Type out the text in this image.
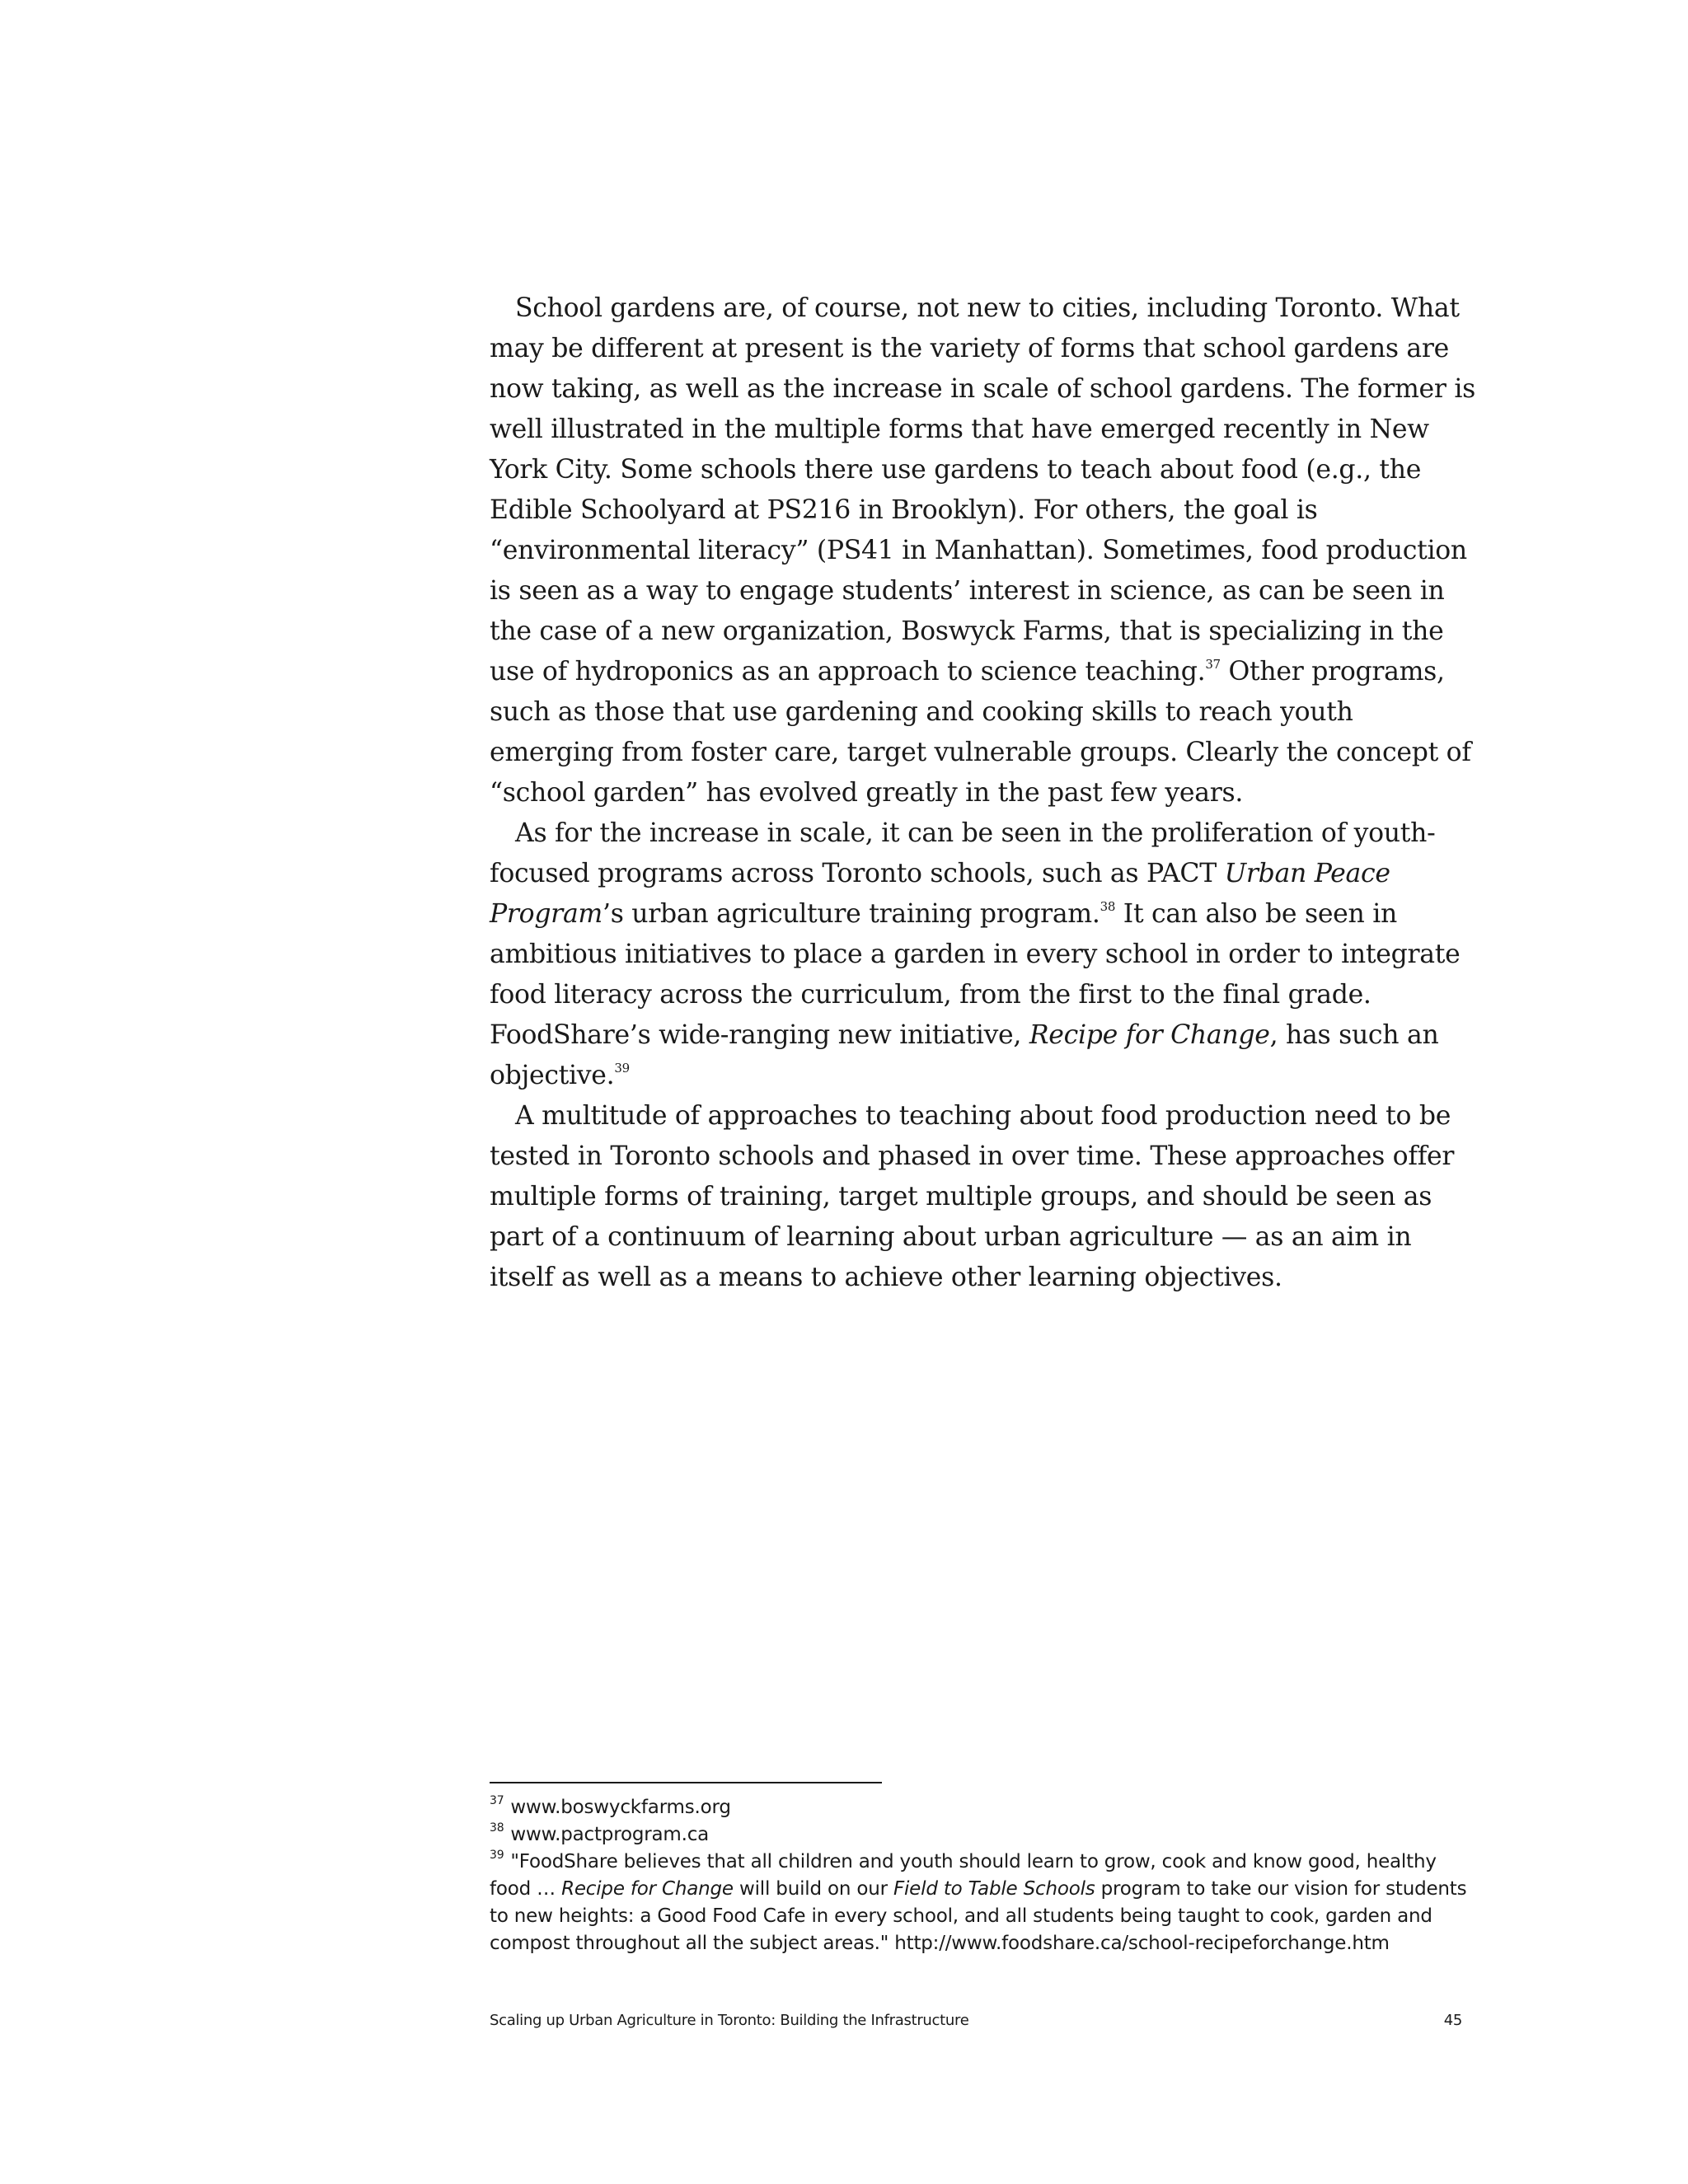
School gardens are, of course, not new to cities, including Toronto. What may be different at present is the variety of forms that school gardens are now taking, as well as the increase in scale of school gardens. The former is well illustrated in the multiple forms that have emerged recently in New York City. Some schools there use gardens to teach about food (e.g., the Edible Schoolyard at PS216 in Brooklyn). For others, the goal is “environmental literacy” (PS41 in Manhattan). Sometimes, food production is seen as a way to engage students’ interest in science, as can be seen in the case of a new organization, Boswyck Farms, that is specializing in the use of hydroponics as an approach to science teaching.$^{37}$ Other programs, such as those that use gardening and cooking skills to reach youth emerging from foster care, target vulnerable groups. Clearly the concept of “school garden” has evolved greatly in the past few years.

As for the increase in scale, it can be seen in the proliferation of youth-focused programs across Toronto schools, such as PACT Urban Peace Program’s urban agriculture training program.$^{38}$ It can also be seen in ambitious initiatives to place a garden in every school in order to integrate food literacy across the curriculum, from the first to the final grade. FoodShare’s wide-ranging new initiative, Recipe for Change, has such an objective.$^{39}$

A multitude of approaches to teaching about food production need to be tested in Toronto schools and phased in over time. These approaches offer multiple forms of training, target multiple groups, and should be seen as part of a continuum of learning about urban agriculture — as an aim in itself as well as a means to achieve other learning objectives.

$^{37}$ www.boswyckfarms.org

$^{38}$ www.pactprogram.ca

$^{39}$ "FoodShare believes that all children and youth should learn to grow, cook and know good, healthy food … Recipe for Change will build on our Field to Table Schools program to take our vision for students to new heights: a Good Food Cafe in every school, and all students being taught to cook, garden and compost throughout all the subject areas." http://www.foodshare.ca/school-recipeforchange.htm

Scaling up Urban Agriculture in Toronto: Building the Infrastructure	45
